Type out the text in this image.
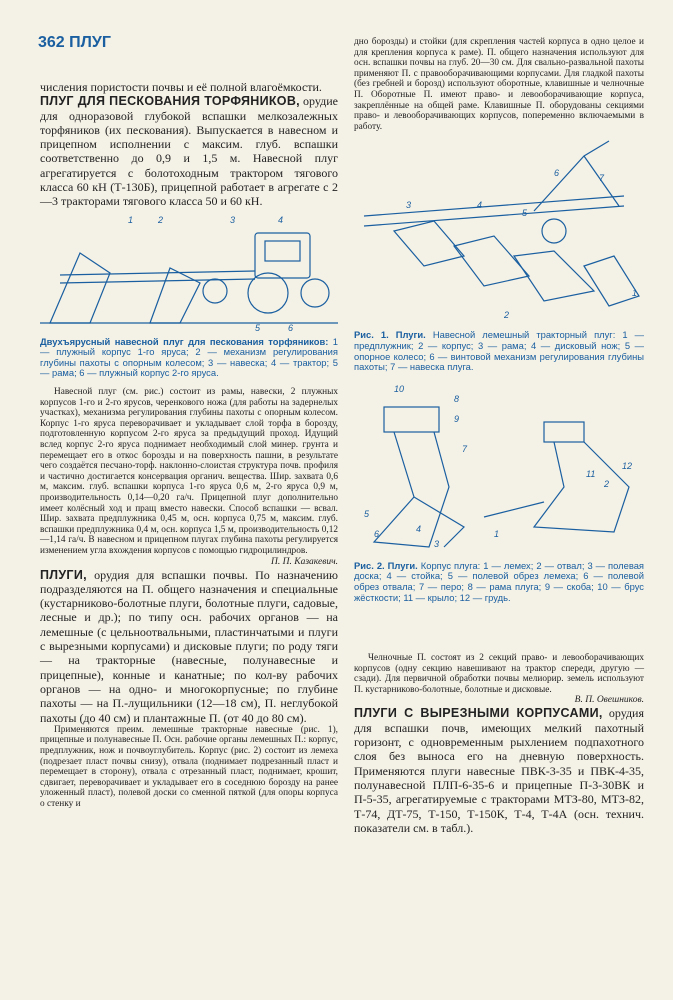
362 ПЛУГ

числения пористости почвы и её полной влагоёмкости.

ПЛУГ ДЛЯ ПЕСКОВАНИЯ ТОРФЯНИКОВ, орудие для одноразовой глубокой вспашки мелкозалежных торфяников (их пескования). Выпускается в навесном и прицепном исполнении с максим. глуб. вспашки соответственно до 0,9 и 1,5 м. Навесной плуг агрегатируется с болотоходным трактором тягового класса 60 кН (Т-130Б), прицепной работает в агрегате с 2—3 тракторами тягового класса 50 и 60 кН.

1	2	3	4
5	6

Двухъярусный навесной плуг для пескования торфяников: 1 — плужный корпус 1-го яруса; 2 — механизм регулирования глубины пахоты с опорным колесом; 3 — навеска; 4 — трактор; 5 — рама; 6 — плужный корпус 2-го яруса.

Навесной плуг (см. рис.) состоит из рамы, навески, 2 плужных корпусов 1-го и 2-го ярусов, черенкового ножа (для работы на задернелых участках), механизма регулирования глубины пахоты с опорным колесом. Корпус 1-го яруса переворачивает и укладывает слой торфа в борозду, подготовленную корпусом 2-го яруса за предыдущий проход. Идущий вслед корпус 2-го яруса поднимает необходимый слой минер. грунта и перемещает его в откос борозды и на поверхность пашни, в результате чего создаётся песчано-торф. наклонно-слоистая структура почв. профиля и частично достигается консервация органич. вещества. Шир. захвата 0,6 м, максим. глуб. вспашки корпуса 1-го яруса 0,6 м, 2-го яруса 0,9 м, производительность 0,14—0,20 га/ч. Прицепной плуг дополнительно имеет колёсный ход и пращ вместо навески. Способ вспашки — всвал. Шир. захвата предплужника 0,45 м, осн. корпуса 0,75 м, максим. глуб. вспашки предплужника 0,4 м, осн. корпуса 1,5 м, производительность 0,12—1,14 га/ч. В навесном и прицепном плугах глубина пахоты регулируется изменением угла вхождения корпусов с помощью гидроцилиндров.

П. П. Казакевич.

ПЛУГИ, орудия для вспашки почвы. По назначению подразделяются на П. общего назначения и специальные (кустарниково-болотные плуги, болотные плуги, садовые, лесные и др.); по типу осн. рабочих органов — на лемешные (с цельноотвальными, пластинчатыми и плуги с вырезными корпусами) и дисковые плуги; по роду тяги — на тракторные (навесные, полунавесные и прицепные), конные и канатные; по кол-ву рабочих органов — на одно- и многокорпусные; по глубине пахоты — на П.-лущильники (12—18 см), П. неглубокой пахоты (до 40 см) и плантажные П. (от 40 до 80 см).

Применяются преим. лемешные тракторные навесные (рис. 1), прицепные и полунавесные П. Осн. рабочие органы лемешных П.: корпус, предплужник, нож и почвоуглубитель. Корпус (рис. 2) состоит из лемеха (подрезает пласт почвы снизу), отвала (поднимает подрезанный пласт и перемещает в сторону), отвала с отрезанный пласт, поднимает, крошит, сдвигает, переворачивает и укладывает его в соседнюю борозду на ранее уложенный пласт), полевой доски со сменной пяткой (для опоры корпуса о стенку и

дно борозды) и стойки (для скрепления частей корпуса в одно целое и для крепления корпуса к раме). П. общего назначения используют для осн. вспашки почвы на глуб. 20—30 см. Для свально-развальной пахоты применяют П. с правооборачивающими корпусами. Для гладкой пахоты (без гребней и борозд) используют оборотные, клавишные и челночные П. Оборотные П. имеют право- и левооборачивающие корпуса, закреплённые на общей раме. Клавишные П. оборудованы секциями право- и левооборачивающих корпусов, попеременно включаемыми в работу.

1
2
3	4
5
6	7

Рис. 1. Плуги. Навесной лемешный тракторный плуг: 1 — предплужник; 2 — корпус; 3 — рама; 4 — дисковый нож; 5 — опорное колесо; 6 — винтовой механизм регулирования глубины пахоты; 7 — навеска плуга.

1
2
3
4
5
6
7
8
9
10
11
12

Рис. 2. Плуги. Корпус плуга: 1 — лемех; 2 — отвал; 3 — полевая доска; 4 — стойка; 5 — полевой обрез лемеха; 6 — полевой обрез отвала; 7 — перо; 8 — рама плуга; 9 — скоба; 10 — брус жёсткости; 11 — крыло; 12 — грудь.

Челночные П. состоят из 2 секций право- и левооборачивающих корпусов (одну секцию навешивают на трактор спереди, другую — сзади). Для первичной обработки почвы мелиорир. земель используют П. кустарниково-болотные, болотные и дисковые.

В. П. Овешников.

ПЛУГИ С ВЫРЕЗНЫМИ КОРПУСАМИ, орудия для вспашки почв, имеющих мелкий пахотный горизонт, с одновременным рыхлением подпахотного слоя без выноса его на дневную поверхность. Применяются плуги навесные ПВК-3-35 и ПВК-4-35, полунавесной ПЛП-6-35-6 и прицепные П-3-30ВК и П-5-35, агрегатируемые с тракторами МТЗ-80, МТЗ-82, Т-74, ДТ-75, Т-150, Т-150К, Т-4, Т-4А (осн. технич. показатели см. в табл.).
